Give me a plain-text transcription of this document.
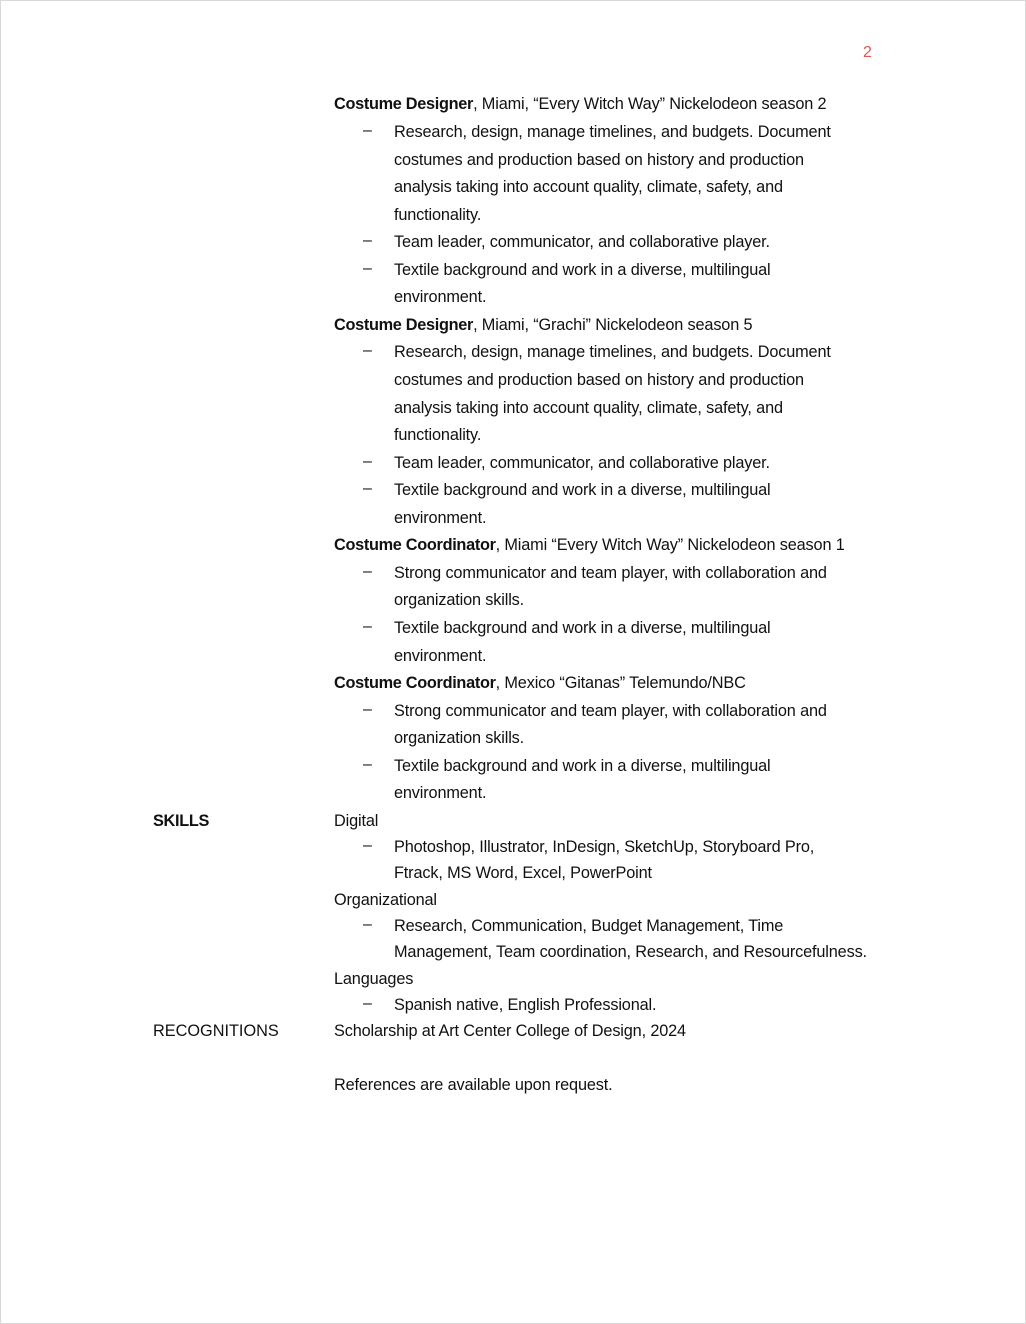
2
Costume Designer, Miami, “Every Witch Way” Nickelodeon season 2
– Research, design, manage timelines, and budgets. Document
costumes and production based on history and production
analysis taking into account quality, climate, safety, and
functionality.
– Team leader, communicator, and collaborative player.
– Textile background and work in a diverse, multilingual
environment.
Costume Designer, Miami, “Grachi” Nickelodeon season 5
– Research, design, manage timelines, and budgets. Document
costumes and production based on history and production
analysis taking into account quality, climate, safety, and
functionality.
– Team leader, communicator, and collaborative player.
– Textile background and work in a diverse, multilingual
environment.
Costume Coordinator, Miami “Every Witch Way” Nickelodeon season 1
– Strong communicator and team player, with collaboration and
organization skills.
– Textile background and work in a diverse, multilingual
environment.
Costume Coordinator, Mexico “Gitanas” Telemundo/NBC
– Strong communicator and team player, with collaboration and
organization skills.
– Textile background and work in a diverse, multilingual
environment.
SKILLS	Digital
– Photoshop, Illustrator, InDesign, SketchUp, Storyboard Pro,
Ftrack, MS Word, Excel, PowerPoint
Organizational
– Research, Communication, Budget Management, Time
Management, Team coordination, Research, and Resourcefulness.
Languages
– Spanish native, English Professional.
RECOGNITIONS	Scholarship at Art Center College of Design, 2024
References are available upon request.
